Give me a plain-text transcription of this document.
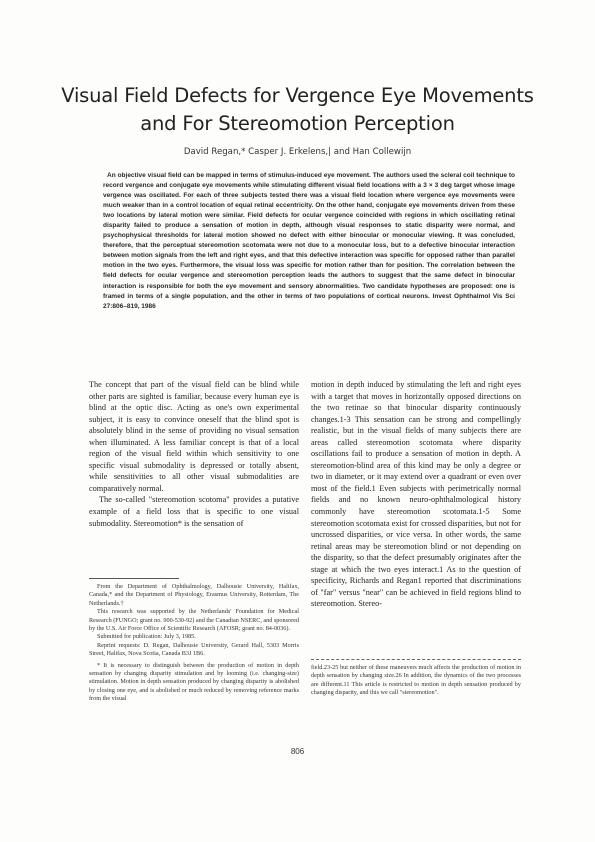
Visual Field Defects for Vergence Eye Movements
and For Stereomotion Perception
David Regan,* Casper J. Erkelens,| and Han Collewijn
An objective visual field can be mapped in terms of stimulus-induced eye movement. The authors used the scleral coil technique to record vergence and conjugate eye movements while stimulating different visual field locations with a 3 × 3 deg target whose image vergence was oscillated. For each of three subjects tested there was a visual field location where vergence eye movements were much weaker than in a control location of equal retinal eccentricity. On the other hand, conjugate eye movements driven from these two locations by lateral motion were similar. Field defects for ocular vergence coincided with regions in which oscillating retinal disparity failed to produce a sensation of motion in depth, although visual responses to static disparity were normal, and psychophysical thresholds for lateral motion showed no defect with either binocular or monocular viewing. It was concluded, therefore, that the perceptual stereomotion scotomata were not due to a monocular loss, but to a defective binocular interaction between motion signals from the left and right eyes, and that this defective interaction was specific for opposed rather than parallel motion in the two eyes. Furthermore, the visual loss was specific for motion rather than for position. The correlation between the field defects for ocular vergence and stereomotion perception leads the authors to suggest that the same defect in binocular interaction is responsible for both the eye movement and sensory abnormalities. Two candidate hypotheses are proposed: one is framed in terms of a single population, and the other in terms of two populations of cortical neurons. Invest Ophthalmol Vis Sci 27:806–819, 1986

The concept that part of the visual field can be blind while other parts are sighted is familiar, because every human eye is blind at the optic disc. Acting as one's own experimental subject, it is easy to convince oneself that the blind spot is absolutely blind in the sense of providing no visual sensation when illuminated. A less familiar concept is that of a local region of the visual field within which sensitivity to one specific visual submodality is depressed or totally absent, while sensitivities to all other visual submodalities are comparatively normal.

The so-called "stereomotion scotoma" provides a putative example of a field loss that is specific to one visual submodality. Stereomotion* is the sensation of

motion in depth induced by stimulating the left and right eyes with a target that moves in horizontally opposed directions on the two retinae so that binocular disparity continuously changes.1-3 This sensation can be strong and compellingly realistic, but in the visual fields of many subjects there are areas called stereomotion scotomata where disparity oscillations fail to produce a sensation of motion in depth. A stereomotion-blind area of this kind may be only a degree or two in diameter, or it may extend over a quadrant or even over most of the field.1 Even subjects with perimetrically normal fields and no known neuro-ophthalmological history commonly have stereomotion scotomata.1-5 Some stereomotion scotomata exist for crossed disparities, but not for uncrossed disparities, or vice versa. In other words, the same retinal areas may be stereomotion blind or not depending on the disparity, so that the defect presumably originates after the stage at which the two eyes interact.1 As to the question of specificity, Richards and Regan1 reported that discriminations of "far" versus "near" can be achieved in field regions blind to stereomotion. Stereo-

From the Department of Ophthalmology, Dalhousie University, Halifax, Canada,* and the Department of Physiology, Erasmus University, Rotterdam, The Netherlands.†

This research was supported by the Netherlands' Foundation for Medical Research (FUNGO; grant no. 900-530-92) and the Canadian NSERC, and sponsored by the U.S. Air Force Office of Scientific Research (AFOSR; grant no. 84-0036).

Submitted for publication: July 3, 1985.

Reprint requests: D. Regan, Dalhousie University, Gerard Hall, 5303 Morris Street, Halifax, Nova Scotia, Canada B3J 1B6.

* It is necessary to distinguish between the production of motion in depth sensation by changing disparity stimulation and by looming (i.e. changing-size) stimulation. Motion in depth sensation produced by changing disparity is abolished by closing one eye, and is abolished or much reduced by removing reference marks from the visual

field.23-25 but neither of these maneuvers much affects the production of motion in depth sensation by changing size.26 In addition, the dynamics of the two processes are different.11 This article is restricted to motion in depth sensation produced by changing disparity, and this we call "stereomotion".

806
